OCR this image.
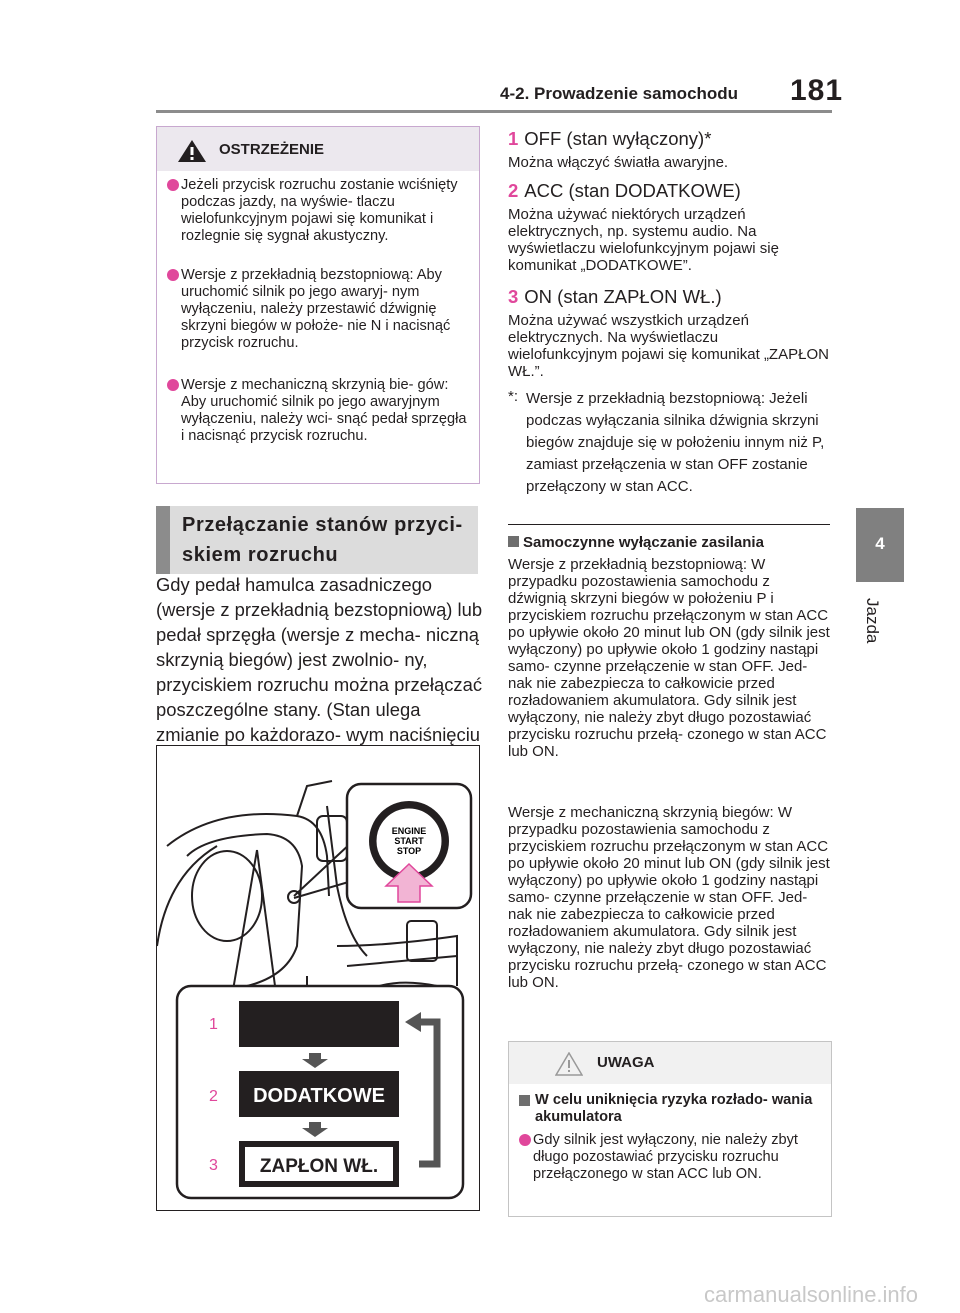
4-2. Prowadzenie samochodu 181
4
Jazda
OSTRZEŻENIE
Jeżeli przycisk rozruchu zostanie wciśnięty podczas jazdy, na wyświe- tlaczu wielofunkcyjnym pojawi się komunikat i rozlegnie się sygnał akustyczny.
Wersje z przekładnią bezstopniową: Aby uruchomić silnik po jego awaryj- nym wyłączeniu, należy przestawić dźwignię skrzyni biegów w położe- nie N i nacisnąć przycisk rozruchu.
Wersje z mechaniczną skrzynią bie- gów: Aby uruchomić silnik po jego awaryjnym wyłączeniu, należy wci- snąć pedał sprzęgła i nacisnąć przycisk rozruchu.
Przełączanie stanów przyci-
skiem rozruchu
Gdy pedał hamulca zasadniczego (wersje z przekładnią bezstopniową) lub pedał sprzęgła (wersje z mecha- niczną skrzynią biegów) jest zwolnio- ny, przyciskiem rozruchu można przełączać poszczególne stany. (Stan ulega zmianie po każdorazo- wym naciśnięciu
ENGINE
START
STOP
1
2 DODATKOWE
3 ZAPŁON WŁ.
1 OFF (stan wyłączony)*
Można włączyć światła awaryjne.
2 ACC (stan DODATKOWE)
Można używać niektórych urządzeń elektrycznych, np. systemu audio. Na wyświetlaczu wielofunkcyjnym pojawi się komunikat „DODATKOWE”.
3 ON (stan ZAPŁON WŁ.)
Można używać wszystkich urządzeń elektrycznych. Na wyświetlaczu wielofunkcyjnym pojawi się komunikat „ZAPŁON WŁ.”.
*: Wersje z przekładnią bezstopniową: Jeżeli podczas wyłączania silnika dźwignia skrzyni biegów znajduje się w położeniu innym niż P, zamiast przełączenia w stan OFF zostanie przełączony w stan ACC.
Samoczynne wyłączanie zasilania
Wersje z przekładnią bezstopniową: W przypadku pozostawienia samochodu z dźwignią skrzyni biegów w położeniu P i przyciskiem rozruchu przełączonym w stan ACC po upływie około 20 minut lub ON (gdy silnik jest wyłączony) po upływie około 1 godziny nastąpi samo- czynne przełączenie w stan OFF. Jed- nak nie zabezpiecza to całkowicie przed rozładowaniem akumulatora. Gdy silnik jest wyłączony, nie należy zbyt długo pozostawiać przycisku rozruchu przełą- czonego w stan ACC lub ON.
Wersje z mechaniczną skrzynią biegów: W przypadku pozostawienia samochodu z przyciskiem rozruchu przełączonym w stan ACC po upływie około 20 minut lub ON (gdy silnik jest wyłączony) po upływie około 1 godziny nastąpi samo- czynne przełączenie w stan OFF. Jed- nak nie zabezpiecza to całkowicie przed rozładowaniem akumulatora. Gdy silnik jest wyłączony, nie należy zbyt długo pozostawiać przycisku rozruchu przełą- czonego w stan ACC lub ON.
UWAGA
W celu uniknięcia ryzyka rozłado- wania akumulatora
Gdy silnik jest wyłączony, nie należy zbyt długo pozostawiać przycisku rozruchu przełączonego w stan ACC lub ON.
carmanualsonline.info
